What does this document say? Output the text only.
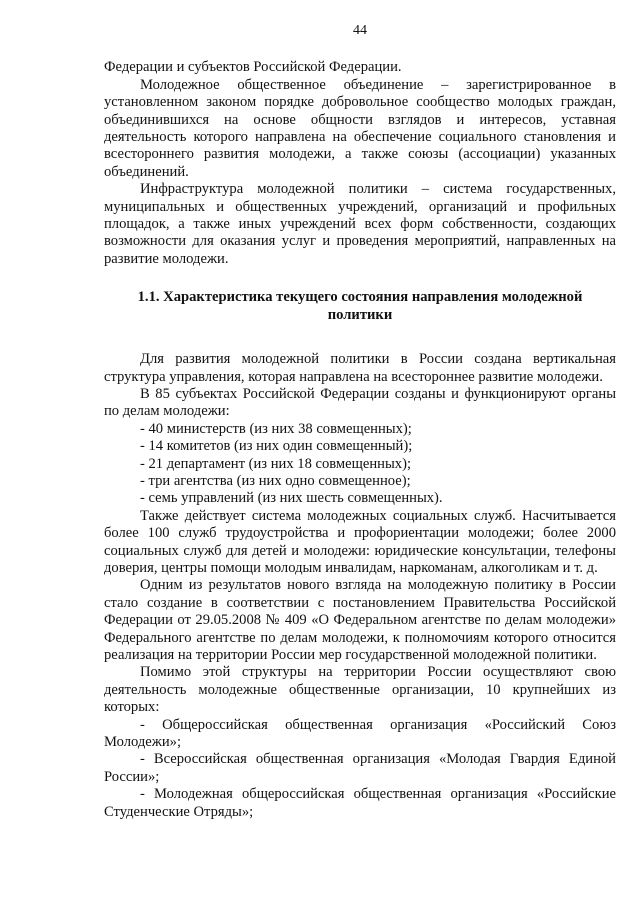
44

Федерации и субъектов Российской Федерации.

Молодежное общественное объединение – зарегистрированное в установленном законом порядке добровольное сообщество молодых граждан, объединившихся на основе общности взглядов и интересов, уставная деятельность которого направлена на обеспечение социального становления и всестороннего развития молодежи, а также союзы (ассоциации) указанных объединений.

Инфраструктура молодежной политики – система государственных, муниципальных и общественных учреждений, организаций и профильных площадок, а также иных учреждений всех форм собственности, создающих возможности для оказания услуг и проведения мероприятий, направленных на развитие молодежи.

1.1. Характеристика текущего состояния направления молодежной политики

Для развития молодежной политики в России создана вертикальная структура управления, которая направлена на всестороннее развитие молодежи.

В 85 субъектах Российской Федерации созданы и функционируют органы по делам молодежи:

- 40 министерств (из них 38 совмещенных);

- 14 комитетов (из них один совмещенный);

- 21 департамент (из них 18 совмещенных);

- три агентства (из них одно совмещенное);

- семь управлений (из них шесть совмещенных).

Также действует система молодежных социальных служб. Насчитывается более 100 служб трудоустройства и профориентации молодежи; более 2000 социальных служб для детей и молодежи: юридические консультации, телефоны доверия, центры помощи молодым инвалидам, наркоманам, алкоголикам и т. д.

Одним из результатов нового взгляда на молодежную политику в России стало создание в соответствии с постановлением Правительства Российской Федерации от 29.05.2008 № 409 «О Федеральном агентстве по делам молодежи» Федерального агентстве по делам молодежи, к полномочиям которого относится реализация на территории России мер государственной молодежной политики.

Помимо этой структуры на территории России осуществляют свою деятельность молодежные общественные организации, 10 крупнейших из которых:

- Общероссийская общественная организация «Российский Союз Молодежи»;

- Всероссийская общественная организация «Молодая Гвардия Единой России»;

- Молодежная общероссийская общественная организация «Российские Студенческие Отряды»;
